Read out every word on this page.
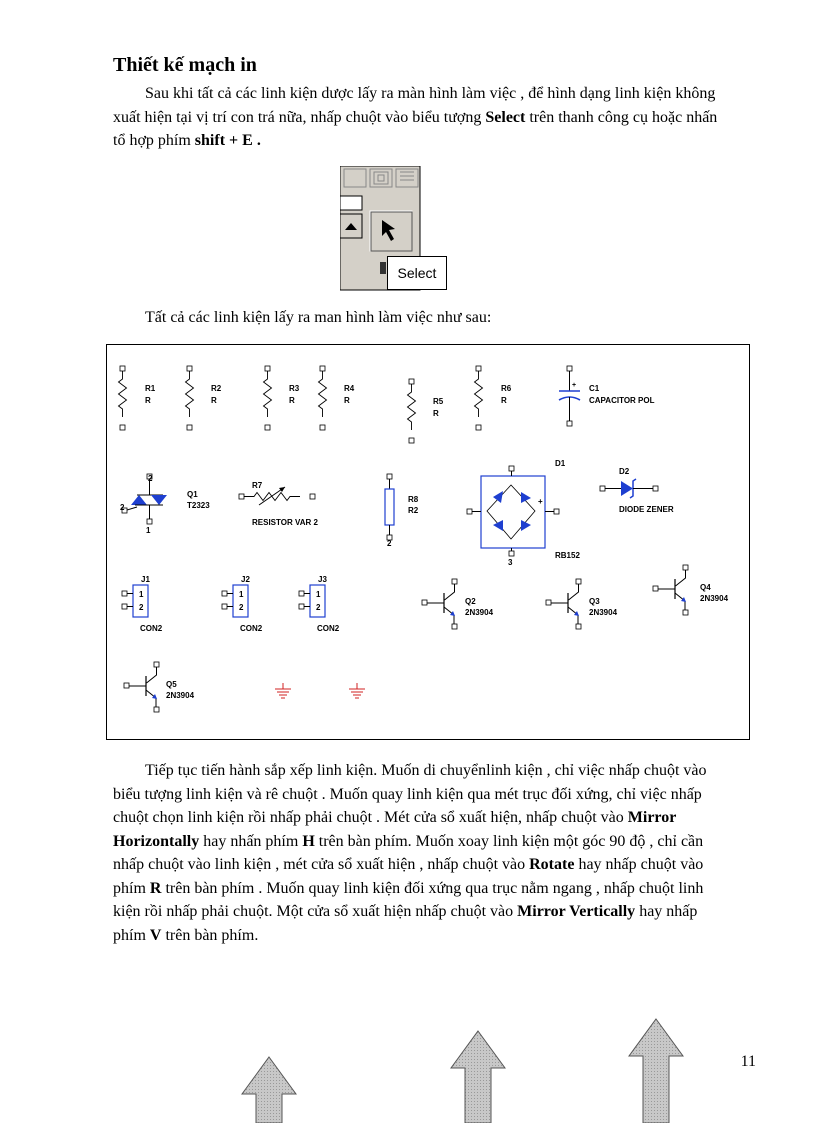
Thiết kế mạch in

Sau khi tất cả các linh kiện dược lấy ra màn hình làm việc , để hình dạng linh kiện không xuất hiện tại vị trí con trá nữa, nhấp chuột vào biểu tượng Select trên thanh công cụ hoặc nhấn tổ hợp phím shift + E .

Select

Tất cả các linh kiện lấy ra man hình làm việc như sau:

R1
R
R2
R
R3
R
R4
R	R5
R
R6
R
+ C1
CAPACITOR POL
Q1
T2323
R7
RESISTOR VAR 2
R8
R2
+
D1
RB152
D2
DIODE ZENER
1
2
J1
CON2
1
2
J2
CON2
1
2
J3
CON2
Q2
2N3904
Q3
2N3904
Q4
2N3904
Q5
2N3904
2
2
1
2
3

Tiếp tục tiến hành sắp xếp linh kiện. Muốn di chuyểnlinh kiện , chỉ việc nhấp chuột vào biểu tượng linh kiện và rê chuột . Muốn quay linh kiện qua mét trục đối xứng, chỉ việc nhấp chuột chọn linh kiện rồi nhấp phải chuột . Mét cửa sổ xuất hiện, nhấp chuột vào Mirror Horizontally hay nhấn phím H trên bàn phím. Muốn xoay linh kiện một góc 90 độ , chỉ cần nhấp chuột vào linh kiện , mét cửa sổ xuất hiện , nhấp chuột vào Rotate hay nhấp chuột vào phím R trên bàn phím . Muốn quay linh kiện đối xứng qua trục nằm ngang , nhấp chuột linh kiện rồi nhấp phải chuột. Một cửa sổ xuất hiện nhấp chuột vào Mirror Vertically hay nhấp phím V trên bàn phím.

11
